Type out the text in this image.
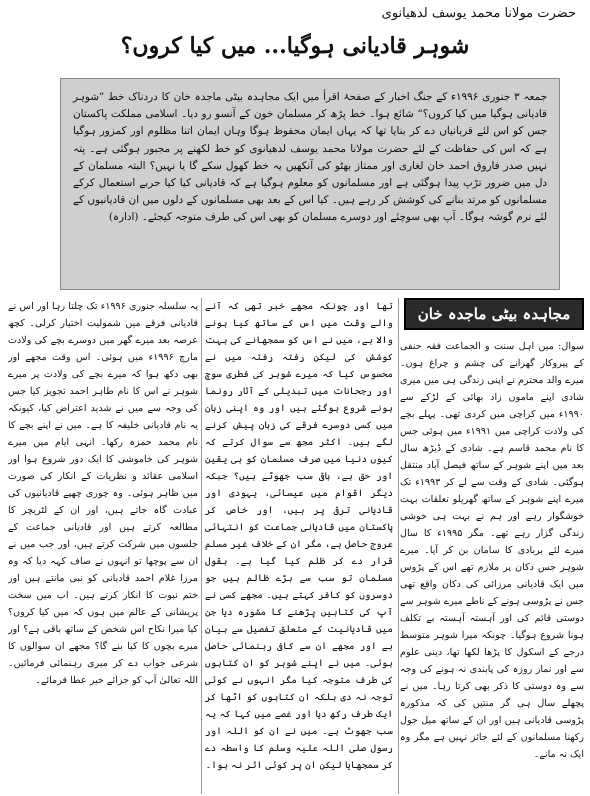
حضرت مولانا محمد یوسف لدھیانوی
شوہر قادیانی ہوگیا... میں کیا کروں؟

جمعہ ۳ جنوری ۱۹۹۶ء کے جنگ اخبار کے صفحۂ اقرأ میں ایک مجاہدہ بیٹی ماجدہ خان کا دردناک خط ”شوہر قادیانی ہوگیا میں کیا کروں؟“ شائع ہوا۔ خط پڑھ کر مسلمان خون کے آنسو رو دیا۔ اسلامی مملکت پاکستان جس کو اس لئے قربانیاں دے کر بنایا تھا کہ یہاں ایمان محفوظ ہوگا وہاں ایمان اتنا مظلوم اور کمزور ہوگیا ہے کہ اس کی حفاظت کے لئے حضرت مولانا محمد یوسف لدھیانوی کو خط لکھنے پر مجبور ہوگئی ہے۔ پتہ نہیں صدر فاروق احمد خان لغاری اور ممتاز بھٹو کی آنکھیں یہ خط کھول سکے گا یا نہیں؟ البتہ مسلمان کے دل میں ضرور تڑپ پیدا ہوگئی ہے اور مسلمانوں کو معلوم ہوگیا ہے کہ قادیانی کیا کیا حربے استعمال کرکے مسلمانوں کو مرتد بنانے کی کوشش کر رہے ہیں۔ کیا اس کے بعد بھی مسلمانوں کے دلوں میں ان قادیانیوں کے لئے نرم گوشہ ہوگا۔ آپ بھی سوچئے اور دوسرے مسلمان کو بھی اس کی طرف متوجہ کیجئے۔ (ادارہ)

مجاہدہ بیٹی ماجدہ خان

سوال: میں اہل سنت و الجماعت فقہ حنفی کے پیروکار گھرانے کی چشم و چراغ ہوں۔ میرے والد محترم نے اپنی زندگی ہی میں میری شادی اپنے ماموں زاد بھائی کے لڑکے سے ۱۹۹۰ء میں کراچی میں کردی تھی۔ پہلے بچے کی ولادت کراچی میں ۱۹۹۱ء میں ہوئی جس کا نام محمد قاسم ہے۔ شادی کے ڈیڑھ سال بعد میں اپنے شوہر کے ساتھ فیصل آباد منتقل ہوگئی۔ شادی کے وقت سے لے کر ۱۹۹۳ء تک میرے اپنے شوہر کے ساتھ گھریلو تعلقات بہت خوشگوار رہے اور ہم نے بہت ہی خوشی زندگی گزار رہے تھے۔ مگر ۱۹۹۵ء کا سال میرے لئے بربادی کا سامان بن کر آیا۔ میرے شوہر جس دکان پر ملازم تھے اس کے پڑوس میں ایک قادیانی مرزائی کی دکان واقع تھی جس نے پڑوسی ہونے کے ناطے میرے شوہر سے دوستی قائم کی اور آہستہ آہستہ بے تکلف ہونا شروع ہوگیا۔ چونکہ میرا شوہر متوسط درجے کے اسکول کا پڑھا لکھا تھا، دینی علوم سے اور نماز روزہ کی پابندی نہ ہونے کی وجہ سے وہ دوستی کا ذکر بھی کرتا رہا۔ میں نے پچھلے سال ہی گر منتیں کی کہ مذکورہ پڑوسی قادیانی ہیں اور ان کے ساتھ میل جول رکھنا مسلمانوں کے لئے جائز نہیں ہے مگر وہ ایک نہ مانے۔

تھا اور چونکہ مجھے خبر تھی کہ آنے والے وقت میں اس کے ساتھ کیا ہونے والا ہے، میں نے اس کو سمجھانے کی بہت کوشش کی لیکن رفتہ رفتہ میں نے محسوس کیا کہ میرے شوہر کی فطری سوچ اور رجحانات میں تبدیلی کے آثار رونما ہونے شروع ہوگئے ہیں اور وہ اپنی زبان میں کسی دوسرے فرقے کی زبان پیش کرنے لگے ہیں۔ اکثر مجھ سے سوال کرتے کہ کیوں دنیا میں صرف مسلمان کو ہی یقین اور حق ہے، باقی سب جھوٹے ہیں؟ جبکہ دیگر اقوام میں عیسائی، یہودی اور قادیانی ترقی پر ہیں، اور خاص کر پاکستان میں قادیانی جماعت کو انتہائی عروج حاصل ہے، مگر ان کے خلاف غیر مسلم قرار دے کر ظلم کیا گیا ہے۔ بقول مسلمان تو سب سے بڑے ظالم ہیں جو دوسروں کو کافر کہتے ہیں۔ مجھے کسی نے آپ کی کتابیں پڑھنے کا مشورہ دیا جن میں قادیانیت کے متعلق تفصیل سے بیان ہے اور مجھے ان سے کافی رہنمائی حاصل ہوئی۔ میں نے اپنے شوہر کو ان کتابوں کی طرف متوجہ کیا مگر انہوں نے کوئی توجہ نہ دی بلکہ ان کتابوں کو اٹھا کر ایک طرف رکھ دیا اور غصے میں کہا کہ یہ سب جھوٹ ہے۔ میں نے ان کو اللہ اور رسول صلی اللہ علیہ وسلم کا واسطہ دے کر سمجھایا لیکن ان پر کوئی اثر نہ ہوا۔

یہ سلسلہ جنوری ۱۹۹۶ء تک چلتا رہا اور اس نے قادیانی فرقے میں شمولیت اختیار کرلی۔ کچھ عرصہ بعد میرے گھر میں دوسرے بچے کی ولادت مارچ ۱۹۹۶ء میں ہوئی۔ اس وقت مجھے اور بھی دکھ ہوا کہ میرے بچے کی ولادت پر میرے شوہر نے اس کا نام طاہر احمد تجویز کیا جس کی وجہ سے میں نے شدید اعتراض کیا، کیونکہ یہ نام قادیانی خلیفہ کا ہے۔ میں نے اپنے بچے کا نام محمد حمزہ رکھا۔ انہی ایام میں میرے شوہر کی خاموشی کا ایک دور شروع ہوا اور اسلامی عقائد و نظریات کے انکار کی صورت میں ظاہر ہوئی۔ وہ چوری چھپے قادیانیوں کی عبادت گاہ جاتے ہیں، اور ان کے لٹریچر کا مطالعہ کرتے ہیں اور قادیانی جماعت کے جلسوں میں شرکت کرتے ہیں، اور جب میں نے ان سے پوچھا تو انہوں نے صاف کہہ دیا کہ وہ مرزا غلام احمد قادیانی کو نبی مانتے ہیں اور ختم نبوت کا انکار کرتے ہیں۔ اب میں سخت پریشانی کے عالم میں ہوں کہ میں کیا کروں؟ کیا میرا نکاح اس شخص کے ساتھ باقی ہے؟ اور میرے بچوں کا کیا بنے گا؟ مجھے ان سوالوں کا شرعی جواب دے کر میری رہنمائی فرمائیں۔ اللہ تعالیٰ آپ کو جزائے خیر عطا فرمائے۔
